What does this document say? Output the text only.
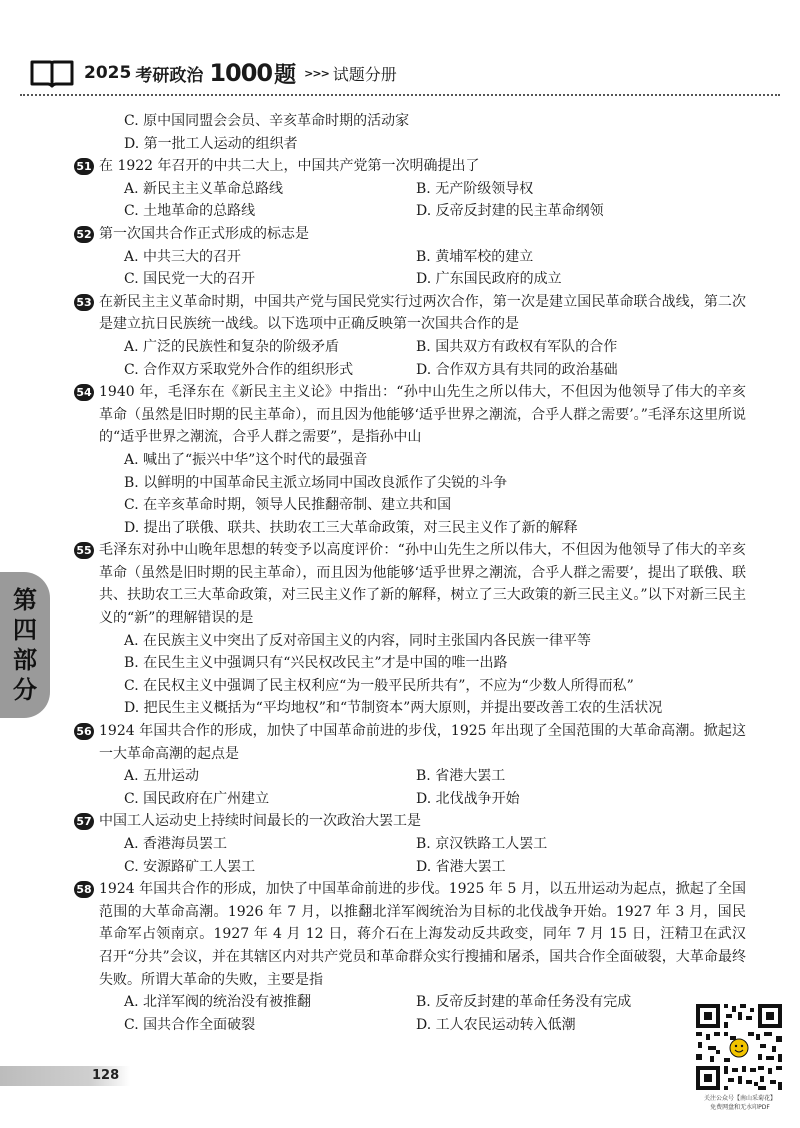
2025 考研政治 1000 题 >>> 试题分册
第
四
部
分
C. 原中国同盟会会员、辛亥革命时期的活动家
D. 第一批工人运动的组织者
51 在 1922 年召开的中共二大上，中国共产党第一次明确提出了
A. 新民主主义革命总路线	B. 无产阶级领导权
C. 土地革命的总路线	D. 反帝反封建的民主革命纲领
52 第一次国共合作正式形成的标志是
A. 中共三大的召开	B. 黄埔军校的建立
C. 国民党一大的召开	D. 广东国民政府的成立
53 在新民主主义革命时期，中国共产党与国民党实行过两次合作，第一次是建立国民革命联合战线，第二次是建立抗日民族统一战线。以下选项中正确反映第一次国共合作的是
A. 广泛的民族性和复杂的阶级矛盾	B. 国共双方有政权有军队的合作
C. 合作双方采取党外合作的组织形式	D. 合作双方具有共同的政治基础
54 1940 年，毛泽东在《新民主主义论》中指出：“孙中山先生之所以伟大，不但因为他领导了伟大的辛亥革命（虽然是旧时期的民主革命），而且因为他能够‘适乎世界之潮流，合乎人群之需要’。”毛泽东这里所说的“适乎世界之潮流，合乎人群之需要”，是指孙中山
A. 喊出了“振兴中华”这个时代的最强音
B. 以鲜明的中国革命民主派立场同中国改良派作了尖锐的斗争
C. 在辛亥革命时期，领导人民推翻帝制、建立共和国
D. 提出了联俄、联共、扶助农工三大革命政策，对三民主义作了新的解释
55 毛泽东对孙中山晚年思想的转变予以高度评价：“孙中山先生之所以伟大，不但因为他领导了伟大的辛亥革命（虽然是旧时期的民主革命），而且因为他能够‘适乎世界之潮流，合乎人群之需要’，提出了联俄、联共、扶助农工三大革命政策，对三民主义作了新的解释，树立了三大政策的新三民主义。”以下对新三民主义的“新”的理解错误的是
A. 在民族主义中突出了反对帝国主义的内容，同时主张国内各民族一律平等
B. 在民生主义中强调只有“兴民权改民主”才是中国的唯一出路
C. 在民权主义中强调了民主权利应“为一般平民所共有”，不应为“少数人所得而私”
D. 把民生主义概括为“平均地权”和“节制资本”两大原则，并提出要改善工农的生活状况
56 1924 年国共合作的形成，加快了中国革命前进的步伐，1925 年出现了全国范围的大革命高潮。掀起这一大革命高潮的起点是
A. 五卅运动	B. 省港大罢工
C. 国民政府在广州建立	D. 北伐战争开始
57 中国工人运动史上持续时间最长的一次政治大罢工是
A. 香港海员罢工	B. 京汉铁路工人罢工
C. 安源路矿工人罢工	D. 省港大罢工
58 1924 年国共合作的形成，加快了中国革命前进的步伐。1925 年 5 月，以五卅运动为起点，掀起了全国范围的大革命高潮。1926 年 7 月，以推翻北洋军阀统治为目标的北伐战争开始。1927 年 3 月，国民革命军占领南京。1927 年 4 月 12 日，蒋介石在上海发动反共政变，同年 7 月 15 日，汪精卫在武汉召开“分共”会议，并在其辖区内对共产党员和革命群众实行搜捕和屠杀，国共合作全面破裂，大革命最终失败。所谓大革命的失败，主要是指
A. 北洋军阀的统治没有被推翻	B. 反帝反封建的革命任务没有完成
C. 国共合作全面破裂	D. 工人农民运动转入低潮
128
关注公众号【南山采菊花】
免费网盘和无水印PDF
